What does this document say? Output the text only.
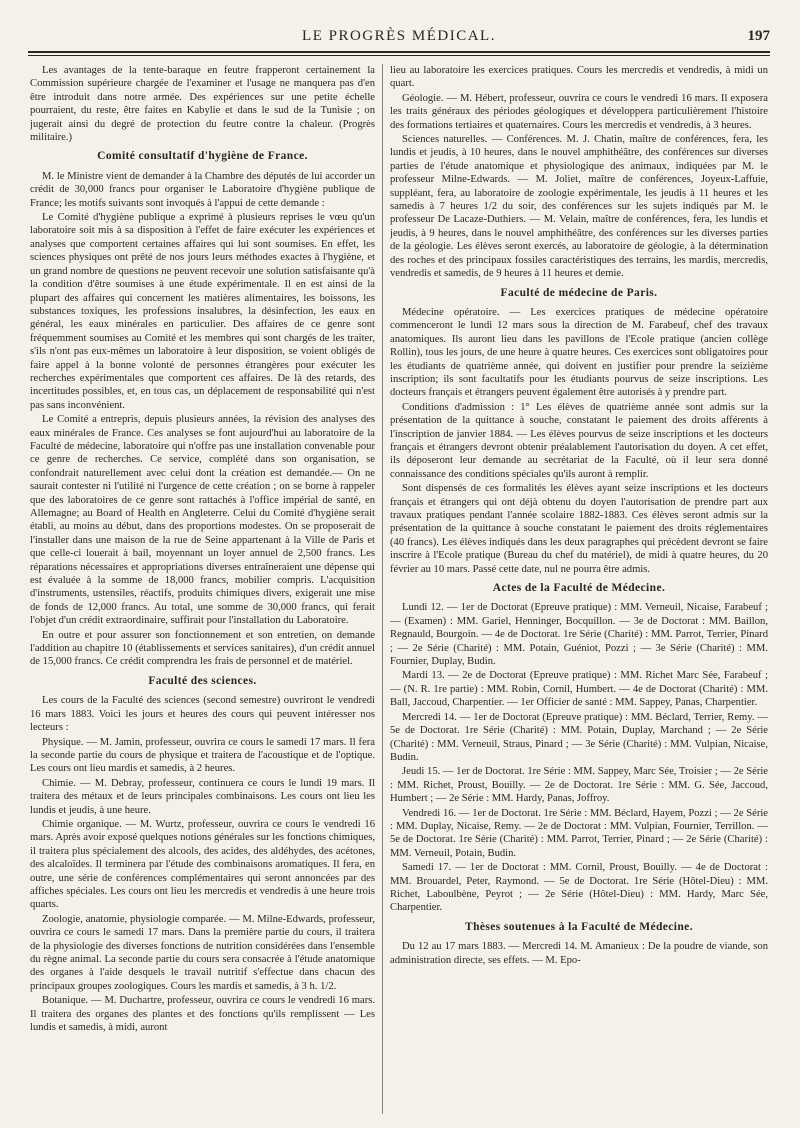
LE PROGRÈS MÉDICAL.	197

Les avantages de la tente-baraque en feutre frapperont certainement la Commission supérieure chargée de l'examiner et l'usage ne manquera pas d'en être introduit dans notre armée. Des expériences sur une petite échelle pourraient, du reste, être faites en Kabylie et dans le sud de la Tunisie ; on jugerait ainsi du degré de protection du feutre contre la chaleur. (Progrès militaire.)

Comité consultatif d'hygiène de France.

M. le Ministre vient de demander à la Chambre des députés de lui accorder un crédit de 30,000 francs pour organiser le Laboratoire d'hygiène publique de France; les motifs suivants sont invoqués à l'appui de cette demande :

Le Comité d'hygiène publique a exprimé à plusieurs reprises le vœu qu'un laboratoire soit mis à sa disposition à l'effet de faire exécuter les expériences et analyses que comportent certaines affaires qui lui sont soumises. En effet, les sciences physiques ont prêté de nos jours leurs méthodes exactes à l'hygiène, et un grand nombre de questions ne peuvent recevoir une solution satisfaisante qu'à la condition d'être soumises à une étude expérimentale. Il en est ainsi de la plupart des affaires qui concernent les matières alimentaires, les boissons, les substances toxiques, les professions insalubres, la désinfection, les eaux en général, les eaux minérales en particulier. Des affaires de ce genre sont fréquemment soumises au Comité et les membres qui sont chargés de les traiter, s'ils n'ont pas eux-mêmes un laboratoire à leur disposition, se voient obligés de faire appel à la bonne volonté de personnes étrangères pour exécuter les recherches expérimentales que comportent ces affaires. De là des retards, des incertitudes possibles, et, en tous cas, un déplacement de responsabilité qui n'est pas sans inconvénient.

Le Comité a entrepris, depuis plusieurs années, la révision des analyses des eaux minérales de France. Ces analyses se font aujourd'hui au laboratoire de la Faculté de médecine, laboratoire qui n'offre pas une installation convenable pour ce genre de recherches. Ce service, complété dans son organisation, se confondrait naturellement avec celui dont la création est demandée.— On ne saurait contester ni l'utilité ni l'urgence de cette création ; on se borne à rappeler que des laboratoires de ce genre sont rattachés à l'office impérial de santé, en Allemagne; au Board of Health en Angleterre. Celui du Comité d'hygiène serait établi, au moins au début, dans des proportions modestes. On se proposerait de l'installer dans une maison de la rue de Seine appartenant à la Ville de Paris et que celle-ci louerait à bail, moyennant un loyer annuel de 2,500 francs. Les réparations nécessaires et appropriations diverses entraîneraient une dépense qui est évaluée à la somme de 18,000 francs, mobilier compris. L'acquisition d'instruments, ustensiles, réactifs, produits chimiques divers, exigerait une mise de fonds de 12,000 francs. Au total, une somme de 30,000 francs, qui ferait l'objet d'un crédit extraordinaire, suffirait pour l'installation du Laboratoire.

En outre et pour assurer son fonctionnement et son entretien, on demande l'addition au chapitre 10 (établissements et services sanitaires), d'un crédit annuel de 15,000 francs. Ce crédit comprendra les frais de personnel et de matériel.

Faculté des sciences.

Les cours de la Faculté des sciences (second semestre) ouvriront le vendredi 16 mars 1883. Voici les jours et heures des cours qui peuvent intéresser nos lecteurs :

Physique. — M. Jamin, professeur, ouvrira ce cours le samedi 17 mars. Il fera la seconde partie du cours de physique et traitera de l'acoustique et de l'optique. Les cours ont lieu mardis et samedis, à 2 heures.

Chimie. — M. Debray, professeur, continuera ce cours le lundi 19 mars. Il traitera des métaux et de leurs principales combinaisons. Les cours ont lieu les lundis et jeudis, à une heure.

Chimie organique. — M. Wurtz, professeur, ouvrira ce cours le vendredi 16 mars. Après avoir exposé quelques notions générales sur les fonctions chimiques, il traitera plus spécialement des alcools, des acides, des aldéhydes, des acétones, des alcaloïdes. Il terminera par l'étude des combinaisons aromatiques. Il fera, en outre, une série de conférences complémentaires qui seront annoncées par des affiches spéciales. Les cours ont lieu les mercredis et vendredis à une heure trois quarts.

Zoologie, anatomie, physiologie comparée. — M. Milne-Edwards, professeur, ouvrira ce cours le samedi 17 mars. Dans la première partie du cours, il traitera de la physiologie des diverses fonctions de nutrition considérées dans l'ensemble du règne animal. La seconde partie du cours sera consacrée à l'étude anatomique des organes à l'aide desquels le travail nutritif s'effectue dans chacun des principaux groupes zoologiques. Cours les mardis et samedis, à 3 h. 1/2.

Botanique. — M. Duchartre, professeur, ouvrira ce cours le vendredi 16 mars. Il traitera des organes des plantes et des fonctions qu'ils remplissent — Les lundis et samedis, à midi, auront

lieu au laboratoire les exercices pratiques. Cours les mercredis et vendredis, à midi un quart.

Géologie. — M. Hébert, professeur, ouvrira ce cours le vendredi 16 mars. Il exposera les traits généraux des périodes géologiques et développera particulièrement l'histoire des formations tertiaires et quaternaires. Cours les mercredis et vendredis, à 3 heures.

Sciences naturelles. — Conférences. M. J. Chatin, maître de conférences, fera, les lundis et jeudis, à 10 heures, dans le nouvel amphithéâtre, des conférences sur diverses parties de l'étude anatomique et physiologique des animaux, indiquées par M. le professeur Milne-Edwards. — M. Joliet, maître de conférences, Joyeux-Laffuie, suppléant, fera, au laboratoire de zoologie expérimentale, les jeudis à 11 heures et les samedis à 7 heures 1/2 du soir, des conférences sur les sujets indiqués par M. le professeur De Lacaze-Duthiers. — M. Velain, maître de conférences, fera, les lundis et jeudis, à 9 heures, dans le nouvel amphithéâtre, des conférences sur les diverses parties de la géologie. Les élèves seront exercés, au laboratoire de géologie, à la détermination des roches et des principaux fossiles caractéristiques des terrains, les mardis, mercredis, vendredis et samedis, de 9 heures à 11 heures et demie.

Faculté de médecine de Paris.

Médecine opératoire. — Les exercices pratiques de médecine opératoire commenceront le lundi 12 mars sous la direction de M. Farabeuf, chef des travaux anatomiques. Ils auront lieu dans les pavillons de l'Ecole pratique (ancien collège Rollin), tous les jours, de une heure à quatre heures. Ces exercices sont obligatoires pour les étudiants de quatrième année, qui doivent en justifier pour prendre la seizième inscription; ils sont facultatifs pour les étudiants pourvus de seize inscriptions. Les docteurs français et étrangers peuvent également être autorisés à y prendre part.

Conditions d'admission : 1° Les élèves de quatrième année sont admis sur la présentation de la quittance à souche, constatant le paiement des droits afférents à l'inscription de janvier 1884. — Les élèves pourvus de seize inscriptions et les docteurs français et étrangers devront obtenir préalablement l'autorisation du doyen. A cet effet, ils déposeront leur demande au secrétariat de la Faculté, où il leur sera donné connaissance des conditions spéciales qu'ils auront à remplir.

Sont dispensés de ces formalités les élèves ayant seize inscriptions et les docteurs français et étrangers qui ont déjà obtenu du doyen l'autorisation de prendre part aux travaux pratiques pendant l'année scolaire 1882-1883. Ces élèves seront admis sur la présentation de la quittance à souche constatant le paiement des droits réglementaires (40 francs). Les élèves indiqués dans les deux paragraphes qui précèdent devront se faire inscrire à l'Ecole pratique (Bureau du chef du matériel), de midi à quatre heures, du 20 février au 10 mars. Passé cette date, nul ne pourra être admis.

Actes de la Faculté de Médecine.

Lundi 12. — 1er de Doctorat (Epreuve pratique) : MM. Verneuil, Nicaise, Farabeuf ; — (Examen) : MM. Gariel, Henninger, Bocquillon. — 3e de Doctorat : MM. Baillon, Regnauld, Bourgoin. — 4e de Doctorat. 1re Série (Charité) : MM. Parrot, Terrier, Pinard ; — 2e Série (Charité) : MM. Potain, Guéniot, Pozzi ; — 3e Série (Charité) : MM. Fournier, Duplay, Budin.

Mardi 13. — 2e de Doctorat (Epreuve pratique) : MM. Richet Marc Sée, Farabeuf ; — (N. R. 1re partie) : MM. Robin, Cornil, Humbert. — 4e de Doctorat (Charité) : MM. Ball, Jaccoud, Charpentier. — 1er Officier de santé : MM. Sappey, Panas, Charpentier.

Mercredi 14. — 1er de Doctorat (Epreuve pratique) : MM. Béclard, Terrier, Remy. — 5e de Doctorat. 1re Série (Charité) : MM. Potain, Duplay, Marchand ; — 2e Série (Charité) : MM. Verneuil, Straus, Pinard ; — 3e Série (Charité) : MM. Vulpian, Nicaise, Budin.

Jeudi 15. — 1er de Doctorat. 1re Série : MM. Sappey, Marc Sée, Troisier ; — 2e Série : MM. Richet, Proust, Bouilly. — 2e de Doctorat. 1re Série : MM. G. Sée, Jaccoud, Humbert ; — 2e Série : MM. Hardy, Panas, Joffroy.

Vendredi 16. — 1er de Doctorat. 1re Série : MM. Béclard, Hayem, Pozzi ; — 2e Série : MM. Duplay, Nicaise, Remy. — 2e de Doctorat : MM. Vulpian, Fournier, Terrillon. — 5e de Doctorat. 1re Série (Charité) : MM. Parrot, Terrier, Pinard ; — 2e Série (Charité) : MM. Verneuil, Potain, Budin.

Samedi 17. — 1er de Doctorat : MM. Cornil, Proust, Bouilly. — 4e de Doctorat : MM. Brouardel, Peter, Raymond. — 5e de Doctorat. 1re Série (Hôtel-Dieu) : MM. Richet, Laboulbène, Peyrot ; — 2e Série (Hôtel-Dieu) : MM. Hardy, Marc Sée, Charpentier.

Thèses soutenues à la Faculté de Médecine.

Du 12 au 17 mars 1883. — Mercredi 14. M. Amanieux : De la poudre de viande, son administration directe, ses effets. — M. Epo-
